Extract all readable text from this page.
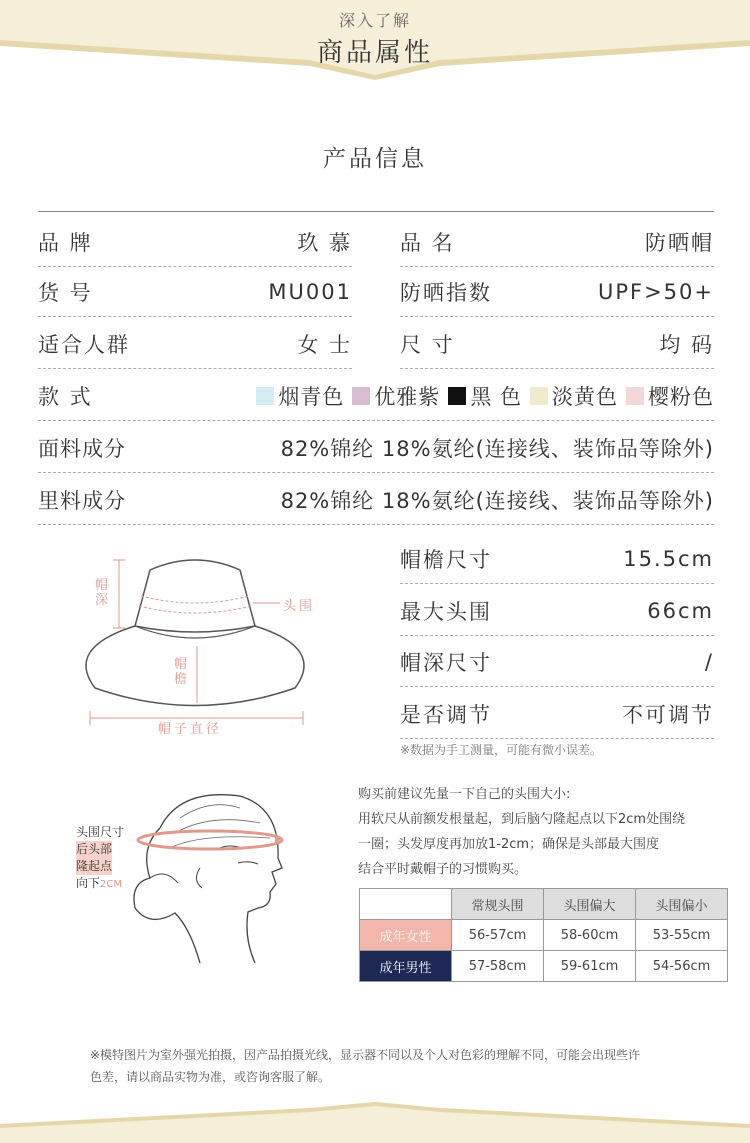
深入了解
商品属性
产品信息
品 牌	玖 慕 品 名	防晒帽
货 号	MU001 防晒指数	UPF>50+
适合人群	女 士 尺 寸	均 码
款 式	烟青色 优雅紫 黑 色 淡黄色 樱粉色
面料成分	82%锦纶 18%氨纶(连接线、装饰品等除外)
里料成分	82%锦纶 18%氨纶(连接线、装饰品等除外)
帽深	头围
帽檐
帽子直径
帽檐尺寸	15.5cm
最大头围	66cm
帽深尺寸	/
是否调节	不可调节
※数据为手工测量，可能有微小误差。
头围尺寸
后头部
隆起点
向下2CM
购买前建议先量一下自己的头围大小:
用软尺从前额发根量起，到后脑勺隆起点以下2cm处围绕
一圈；头发厚度再加放1-2cm；确保是头部最大围度
结合平时戴帽子的习惯购买。
	常规头围	头围偏大	头围偏小
成年女性	56-57cm	58-60cm	53-55cm
成年男性	57-58cm	59-61cm	54-56cm
※模特图片为室外强光拍摄，因产品拍摄光线，显示器不同以及个人对色彩的理解不同，可能会出现些许
色差，请以商品实物为准，或咨询客服了解。
